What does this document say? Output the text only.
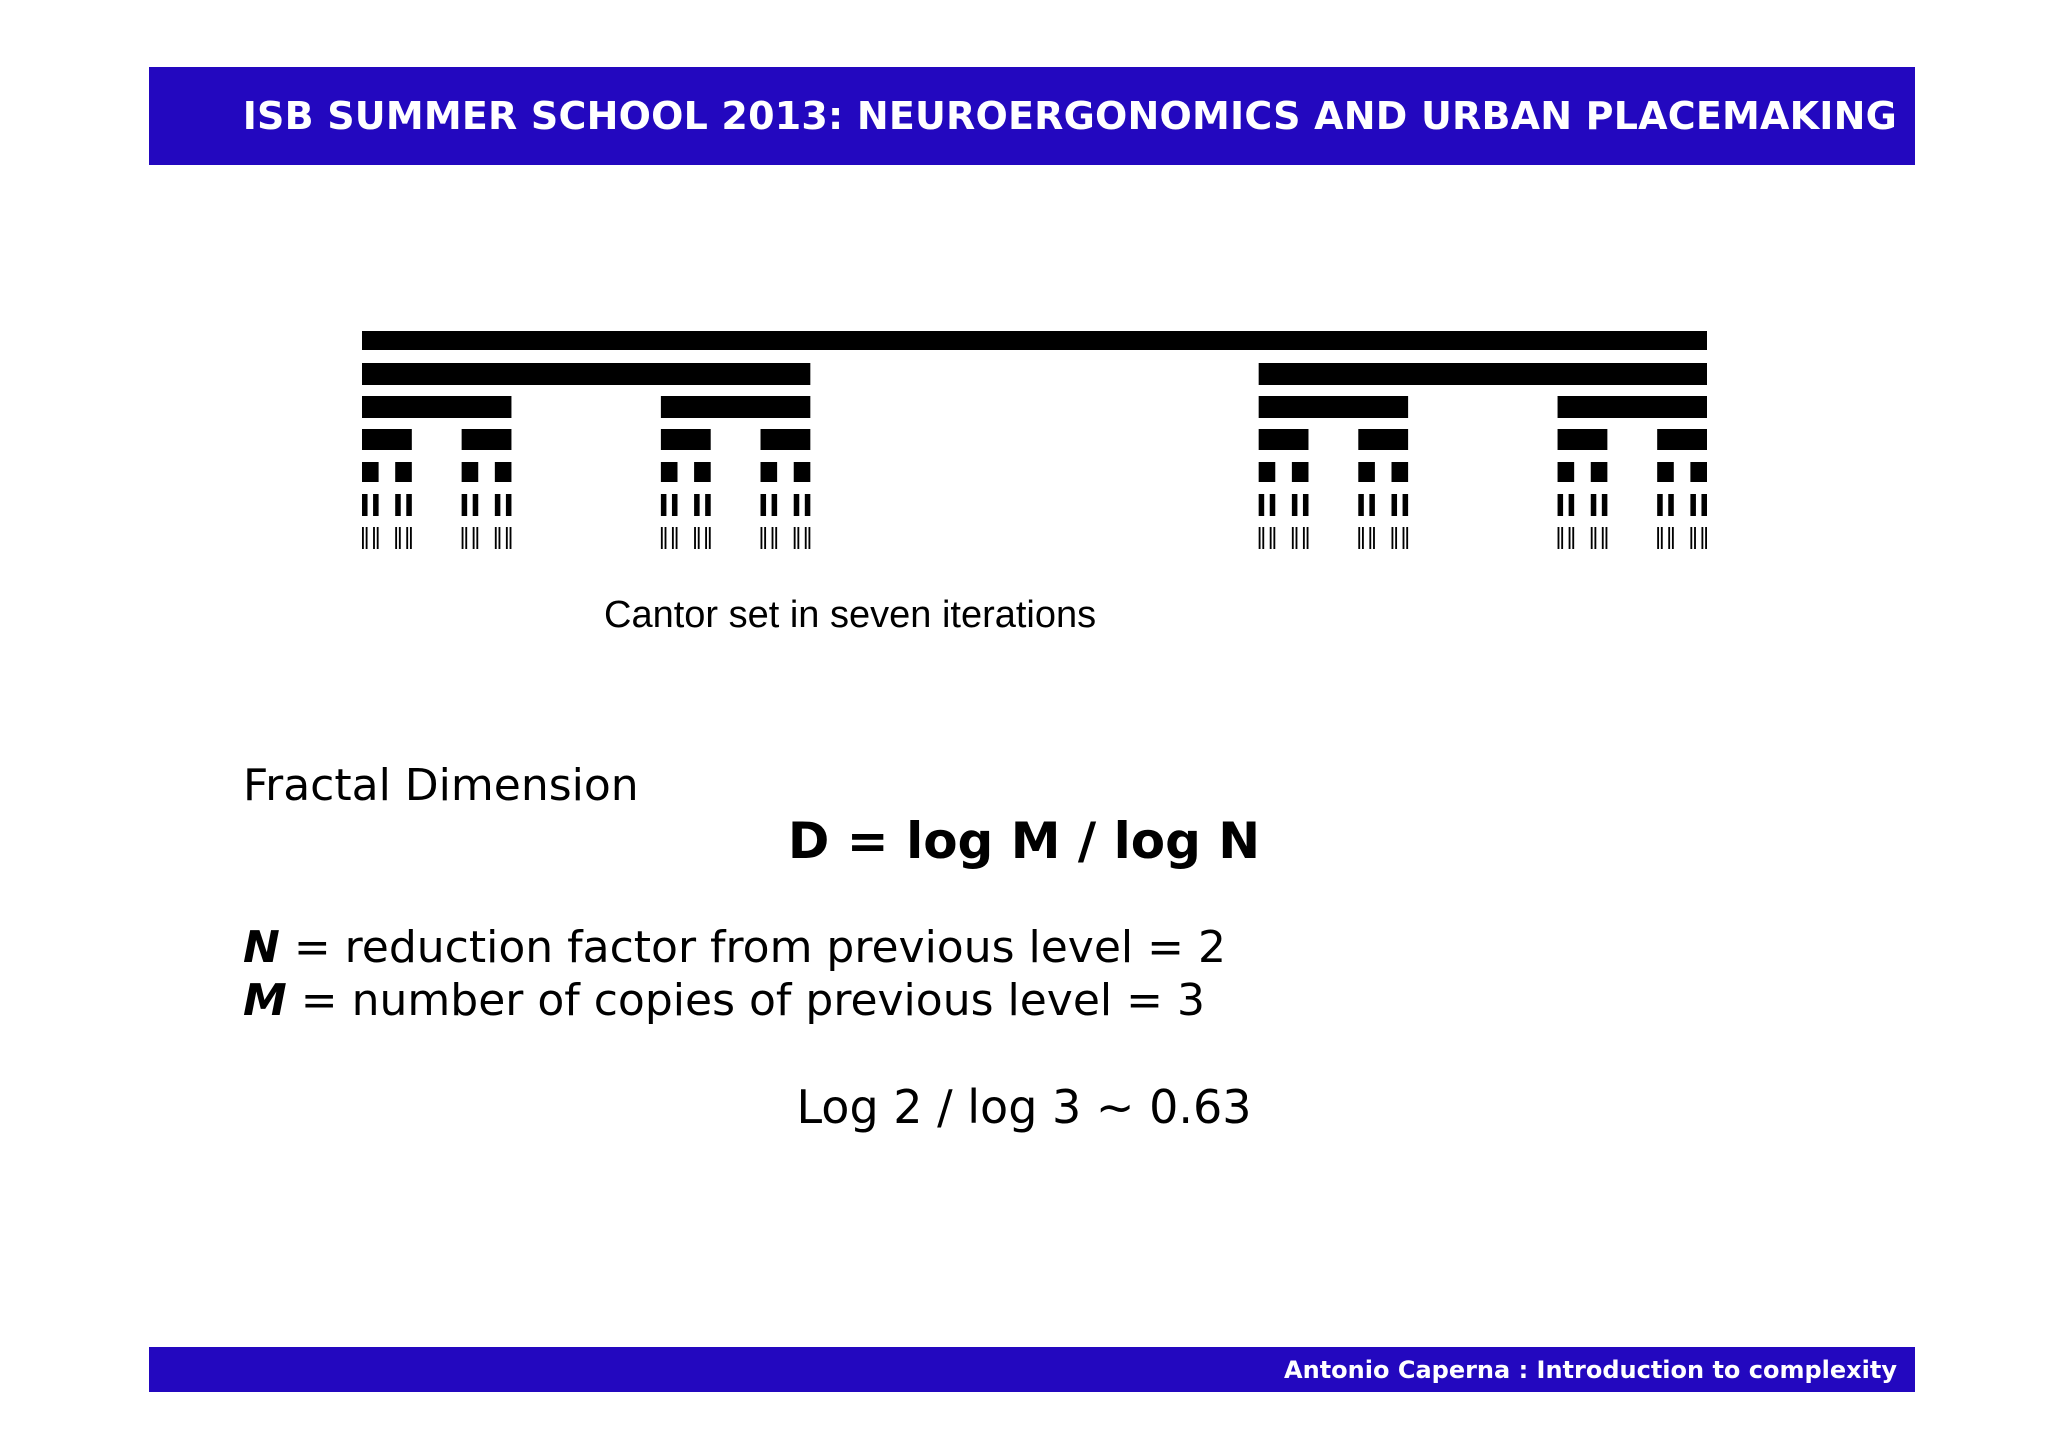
ISB SUMMER SCHOOL 2013: NEUROERGONOMICS AND URBAN PLACEMAKING
Cantor set in seven iterations
Fractal Dimension
D = log M / log N
N = reduction factor from previous level = 2
M = number of copies of previous level = 3
Log 2 / log 3 ~ 0.63
Antonio Caperna : Introduction to complexity
